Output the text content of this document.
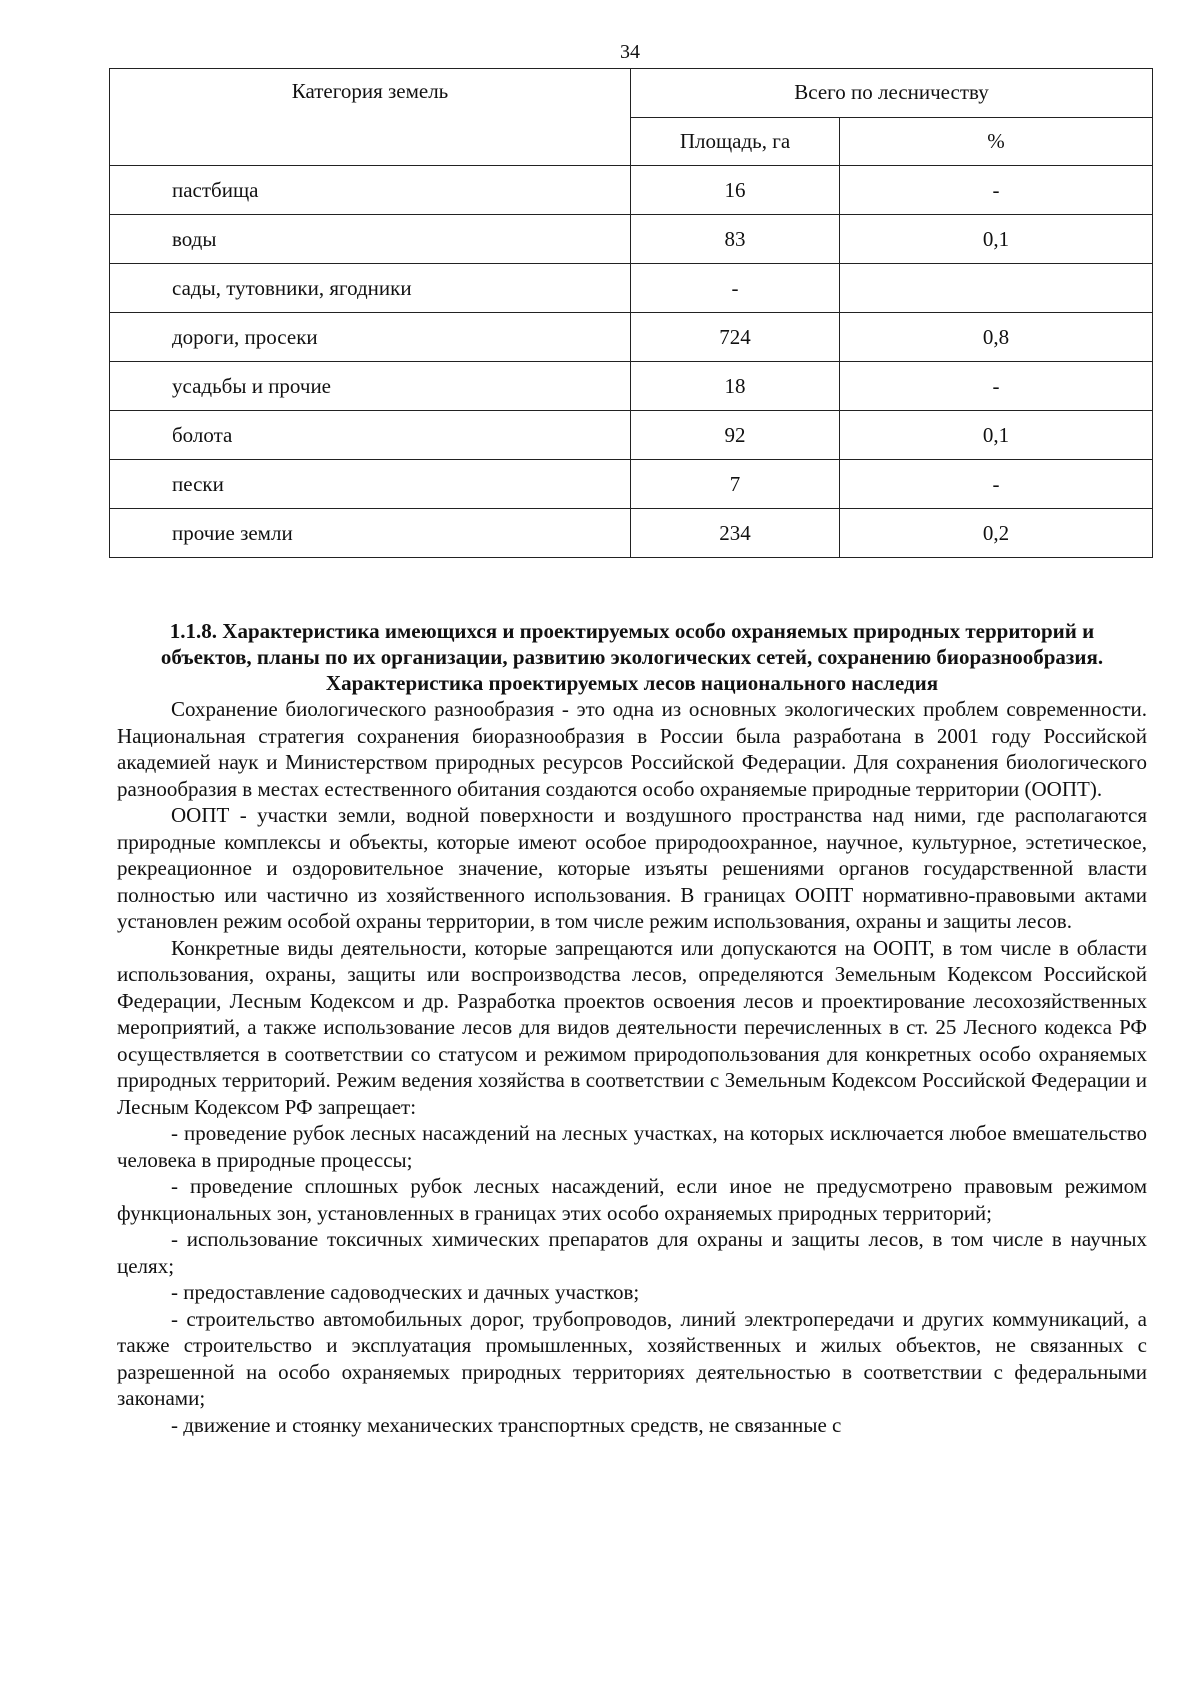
34
Категория земель	Всего по лесничеству	
	Площадь, га	%
пастбища	16	-
воды	83	0,1
сады, тутовники, ягодники	-	
дороги, просеки	724	0,8
усадьбы и прочие	18	-
болота	92	0,1
пески	7	-
прочие земли	234	0,2
1.1.8. Характеристика имеющихся и проектируемых особо охраняемых природных территорий и объектов, планы по их организации, развитию экологических сетей, сохранению биоразнообразия. Характеристика проектируемых лесов национального наследия

Сохранение биологического разнообразия - это одна из основных экологических проблем современности. Национальная стратегия сохранения биоразнообразия в России была разработана в 2001 году Российской академией наук и Министерством природных ресурсов Российской Федерации. Для сохранения биологического разнообразия в местах естественного обитания создаются особо охраняемые природные территории (ООПТ).

ООПТ - участки земли, водной поверхности и воздушного пространства над ними, где располагаются природные комплексы и объекты, которые имеют особое природоохранное, научное, культурное, эстетическое, рекреационное и оздоровительное значение, которые изъяты решениями органов государственной власти полностью или частично из хозяйственного использования. В границах ООПТ нормативно-правовыми актами установлен режим особой охраны территории, в том числе режим использования, охраны и защиты лесов.

Конкретные виды деятельности, которые запрещаются или допускаются на ООПТ, в том числе в области использования, охраны, защиты или воспроизводства лесов, определяются Земельным Кодексом Российской Федерации, Лесным Кодексом и др. Разработка проектов освоения лесов и проектирование лесохозяйственных мероприятий, а также использование лесов для видов деятельности перечисленных в ст. 25 Лесного кодекса РФ осуществляется в соответствии со статусом и режимом природопользования для конкретных особо охраняемых природных территорий. Режим ведения хозяйства в соответствии с Земельным Кодексом Российской Федерации и Лесным Кодексом РФ запрещает:

- проведение рубок лесных насаждений на лесных участках, на которых исключается любое вмешательство человека в природные процессы;

- проведение сплошных рубок лесных насаждений, если иное не предусмотрено правовым режимом функциональных зон, установленных в границах этих особо охраняемых природных территорий;

- использование токсичных химических препаратов для охраны и защиты лесов, в том числе в научных целях;

- предоставление садоводческих и дачных участков;

- строительство автомобильных дорог, трубопроводов, линий электропередачи и других коммуникаций, а также строительство и эксплуатация промышленных, хозяйственных и жилых объектов, не связанных с разрешенной на особо охраняемых природных территориях деятельностью в соответствии с федеральными законами;

- движение и стоянку механических транспортных средств, не связанные с
